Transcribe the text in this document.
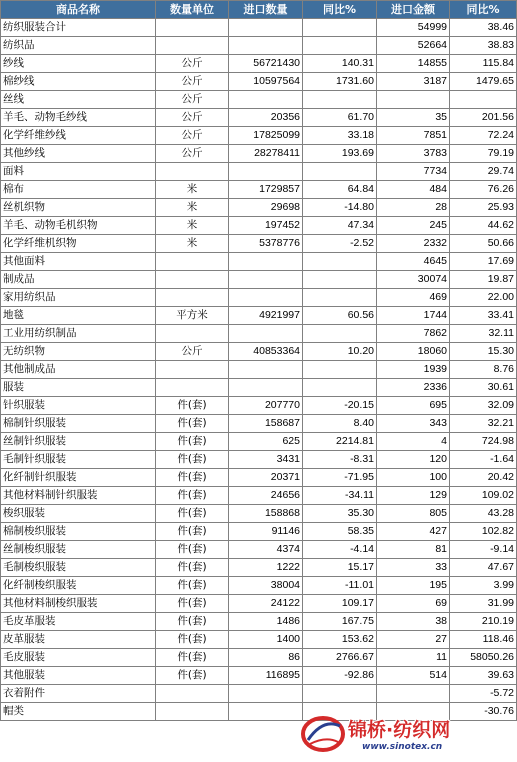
商品名称	数量单位	进口数量	同比%	进口金额	同比%
纺织服装合计				54999	38.46
纺织品				52664	38.83
纱线	公斤	56721430	140.31	14855	115.84
棉纱线	公斤	10597564	1731.60	3187	1479.65
丝线	公斤				
羊毛、动物毛纱线	公斤	20356	61.70	35	201.56
化学纤维纱线	公斤	17825099	33.18	7851	72.24
其他纱线	公斤	28278411	193.69	3783	79.19
面料				7734	29.74
棉布	米	1729857	64.84	484	76.26
丝机织物	米	29698	-14.80	28	25.93
羊毛、动物毛机织物	米	197452	47.34	245	44.62
化学纤维机织物	米	5378776	-2.52	2332	50.66
其他面料				4645	17.69
制成品				30074	19.87
家用纺织品				469	22.00
地毯	平方米	4921997	60.56	1744	33.41
工业用纺织制品				7862	32.11
无纺织物	公斤	40853364	10.20	18060	15.30
其他制成品				1939	8.76
服装				2336	30.61
针织服装	件(套)	207770	-20.15	695	32.09
棉制针织服装	件(套)	158687	8.40	343	32.21
丝制针织服装	件(套)	625	2214.81	4	724.98
毛制针织服装	件(套)	3431	-8.31	120	-1.64
化纤制针织服装	件(套)	20371	-71.95	100	20.42
其他材料制针织服装	件(套)	24656	-34.11	129	109.02
梭织服装	件(套)	158868	35.30	805	43.28
棉制梭织服装	件(套)	91146	58.35	427	102.82
丝制梭织服装	件(套)	4374	-4.14	81	-9.14
毛制梭织服装	件(套)	1222	15.17	33	47.67
化纤制梭织服装	件(套)	38004	-11.01	195	3.99
其他材料制梭织服装	件(套)	24122	109.17	69	31.99
毛皮革服装	件(套)	1486	167.75	38	210.19
皮革服装	件(套)	1400	153.62	27	118.46
毛皮服装	件(套)	86	2766.67	11	58050.26
其他服装	件(套)	116895	-92.86	514	39.63
衣着附件					-5.72
帽类					-30.76
锦桥·纺织网
www.sinotex.cn
